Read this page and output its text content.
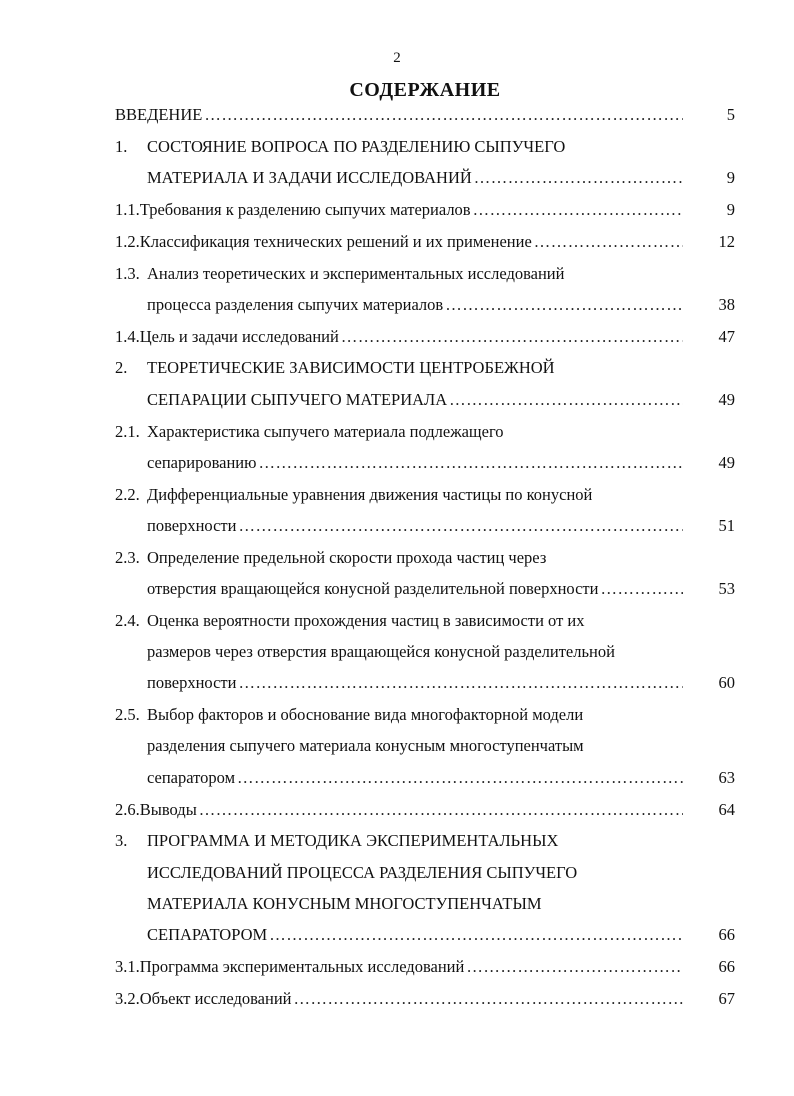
2
СОДЕРЖАНИЕ
ВВЕДЕНИЕ …………………………………………………………………………………………………………………………………	5
1. СОСТОЯНИЕ ВОПРОСА ПО РАЗДЕЛЕНИЮ СЫПУЧЕГО
МАТЕРИАЛА И ЗАДАЧИ ИССЛЕДОВАНИЙ …………………………………………………………………………………………………………………………………	9
1.1. Требования к разделению сыпучих материалов …………………………………………………………………………………………………………………………………	9
1.2. Классификация технических решений и их применение …………………………………………………………………………………………………………………………………	12
1.3. Анализ теоретических и экспериментальных исследований
процесса разделения сыпучих материалов …………………………………………………………………………………………………………………………………	38
1.4. Цель и задачи исследований …………………………………………………………………………………………………………………………………	47
2. ТЕОРЕТИЧЕСКИЕ ЗАВИСИМОСТИ ЦЕНТРОБЕЖНОЙ
СЕПАРАЦИИ СЫПУЧЕГО МАТЕРИАЛА …………………………………………………………………………………………………………………………………	49
2.1. Характеристика сыпучего материала подлежащего
сепарированию …………………………………………………………………………………………………………………………………	49
2.2. Дифференциальные уравнения движения частицы по конусной
поверхности …………………………………………………………………………………………………………………………………	51
2.3. Определение предельной скорости прохода частиц через
отверстия вращающейся конусной разделительной поверхности …………………………………………………………………………………………………………………………………	53
2.4. Оценка вероятности прохождения частиц в зависимости от их
размеров через отверстия вращающейся конусной разделительной
поверхности …………………………………………………………………………………………………………………………………	60
2.5. Выбор факторов и обоснование вида многофакторной модели
разделения сыпучего материала конусным многоступенчатым
сепаратором …………………………………………………………………………………………………………………………………	63
2.6. Выводы …………………………………………………………………………………………………………………………………	64
3. ПРОГРАММА И МЕТОДИКА ЭКСПЕРИМЕНТАЛЬНЫХ
ИССЛЕДОВАНИЙ ПРОЦЕССА РАЗДЕЛЕНИЯ СЫПУЧЕГО
МАТЕРИАЛА КОНУСНЫМ МНОГОСТУПЕНЧАТЫМ
СЕПАРАТОРОМ …………………………………………………………………………………………………………………………………	66
3.1. Программа экспериментальных исследований …………………………………………………………………………………………………………………………………	66
3.2. Объект исследований …………………………………………………………………………………………………………………………………	67
